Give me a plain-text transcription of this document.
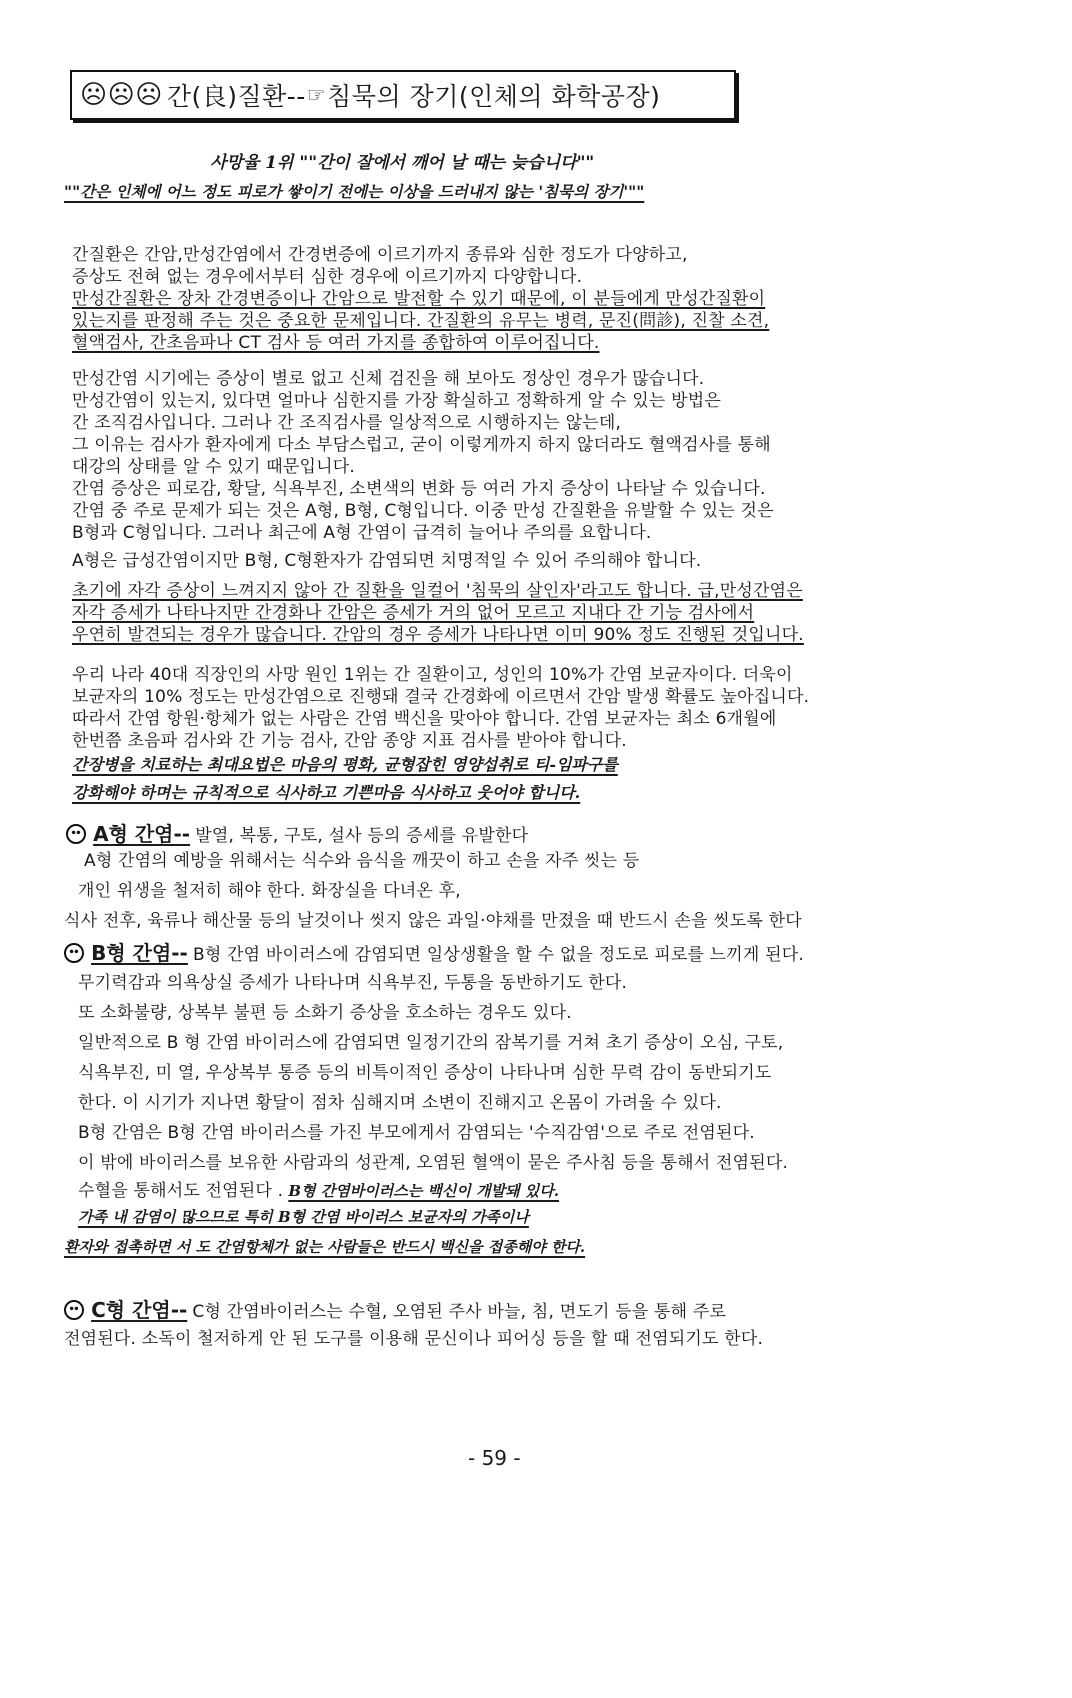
☹☹☹ 간(良)질환-- ☞ 침묵의 장기(인체의 화학공장)
사망율 1위 ""간이 잘에서 깨어 날 때는 늦습니다""
""간은 인체에 어느 정도 피로가 쌓이기 전에는 이상을 드러내지 않는 '침묵의 장기'""
간질환은 간암,만성간염에서 간경변증에 이르기까지 종류와 심한 정도가 다양하고,
증상도 전혀 없는 경우에서부터 심한 경우에 이르기까지 다양합니다.
만성간질환은 장차 간경변증이나 간암으로 발전할 수 있기 때문에, 이 분들에게 만성간질환이
있는지를 판정해 주는 것은 중요한 문제입니다. 간질환의 유무는 병력, 문진(問診), 진찰 소견,
혈액검사, 간초음파나 CT 검사 등 여러 가지를 종합하여 이루어집니다.
만성간염 시기에는 증상이 별로 없고 신체 검진을 해 보아도 정상인 경우가 많습니다.
만성간염이 있는지, 있다면 얼마나 심한지를 가장 확실하고 정확하게 알 수 있는 방법은
간 조직검사입니다. 그러나 간 조직검사를 일상적으로 시행하지는 않는데,
그 이유는 검사가 환자에게 다소 부담스럽고, 굳이 이렇게까지 하지 않더라도 혈액검사를 통해
대강의 상태를 알 수 있기 때문입니다.
간염 증상은 피로감, 황달, 식욕부진, 소변색의 변화 등 여러 가지 증상이 나타날 수 있습니다.
간염 중 주로 문제가 되는 것은 A형, B형, C형입니다. 이중 만성 간질환을 유발할 수 있는 것은
B형과 C형입니다. 그러나 최근에 A형 간염이 급격히 늘어나 주의를 요합니다.
A형은 급성간염이지만 B형, C형환자가 감염되면 치명적일 수 있어 주의해야 합니다.
초기에 자각 증상이 느껴지지 않아 간 질환을 일컬어 '침묵의 살인자'라고도 합니다. 급,만성간염은
자각 증세가 나타나지만 간경화나 간암은 증세가 거의 없어 모르고 지내다 간 기능 검사에서
우연히 발견되는 경우가 많습니다. 간암의 경우 증세가 나타나면 이미 90% 정도 진행된 것입니다.
우리 나라 40대 직장인의 사망 원인 1위는 간 질환이고, 성인의 10%가 간염 보균자이다. 더욱이
보균자의 10% 정도는 만성간염으로 진행돼 결국 간경화에 이르면서 간암 발생 확률도 높아집니다.
따라서 간염 항원·항체가 없는 사람은 간염 백신을 맞아야 합니다. 간염 보균자는 최소 6개월에
한번쯤 초음파 검사와 간 기능 검사, 간암 종양 지표 검사를 받아야 합니다.
간장병을 치료하는 최대요법은 마음의 평화, 균형잡힌 영양섭취로 티-임파구를
강화해야 하며는 규칙적으로 식사하고 기쁜마음 식사하고 웃어야 합니다.
A형 간염-- 발열, 복통, 구토, 설사 등의 증세를 유발한다
A형 간염의 예방을 위해서는 식수와 음식을 깨끗이 하고 손을 자주 씻는 등
개인 위생을 철저히 해야 한다. 화장실을 다녀온 후,
식사 전후, 육류나 해산물 등의 날것이나 씻지 않은 과일·야채를 만졌을 때 반드시 손을 씻도록 한다
B형 간염-- B형 간염 바이러스에 감염되면 일상생활을 할 수 없을 정도로 피로를 느끼게 된다.
무기력감과 의욕상실 증세가 나타나며 식욕부진, 두통을 동반하기도 한다.
또 소화불량, 상복부 불편 등 소화기 증상을 호소하는 경우도 있다.
일반적으로 B 형 간염 바이러스에 감염되면 일정기간의 잠복기를 거쳐 초기 증상이 오심, 구토,
식욕부진, 미 열, 우상복부 통증 등의 비특이적인 증상이 나타나며 심한 무력 감이 동반되기도
한다. 이 시기가 지나면 황달이 점차 심해지며 소변이 진해지고 온몸이 가려울 수 있다.
B형 간염은 B형 간염 바이러스를 가진 부모에게서 감염되는 '수직감염'으로 주로 전염된다.
이 밖에 바이러스를 보유한 사람과의 성관계, 오염된 혈액이 묻은 주사침 등을 통해서 전염된다.
수혈을 통해서도 전염된다 . B형 간염바이러스는 백신이 개발돼 있다.
가족 내 감염이 많으므로 특히 B형 간염 바이러스 보균자의 가족이나
환자와 접촉하면 서 도 간염항체가 없는 사람들은 반드시 백신을 접종해야 한다.
C형 간염-- C형 간염바이러스는 수혈, 오염된 주사 바늘, 침, 면도기 등을 통해 주로
전염된다. 소독이 철저하게 안 된 도구를 이용해 문신이나 피어싱 등을 할 때 전염되기도 한다.
- 59 -
